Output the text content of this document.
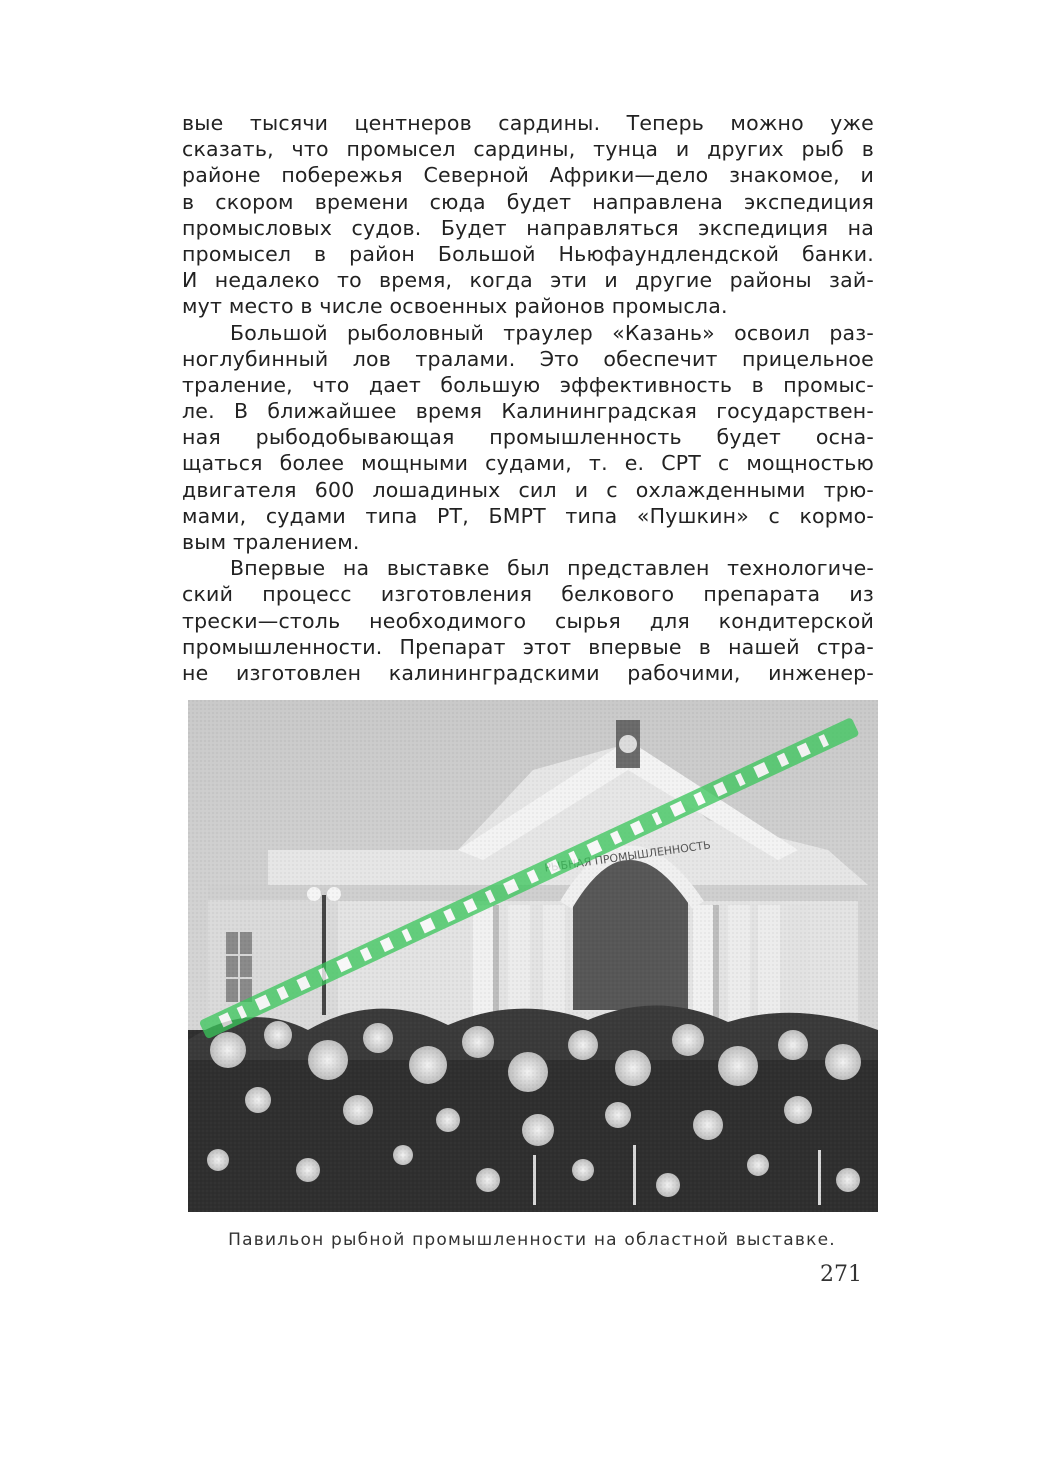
вые тысячи центнеров сардины. Теперь можно уже
сказать, что промысел сардины, тунца и других рыб в
районе побережья Северной Африки—дело знакомое, и
в скором времени сюда будет направлена экспедиция
промысловых судов. Будет направляться экспедиция на
промысел в район Большой Ньюфаундлендской банки.
И недалеко то время, когда эти и другие районы зай-
мут место в числе освоенных районов промысла.
Большой рыболовный траулер «Казань» освоил раз-
ноглубинный лов тралами. Это обеспечит прицельное
траление, что дает большую эффективность в промыс-
ле. В ближайшее время Калининградская государствен-
ная рыбодобывающая промышленность будет осна-
щаться более мощными судами, т. е. СРТ с мощностью
двигателя 600 лошадиных сил и с охлажденными трю-
мами, судами типа РТ, БМРТ типа «Пушкин» с кормо-
вым тралением.
Впервые на выставке был представлен технологиче-
ский процесс изготовления белкового препарата из
трески—столь необходимого сырья для кондитерской
промышленности. Препарат этот впервые в нашей стра-
не изготовлен калининградскими рабочими, инженер-
Павильон рыбной промышленности на областной выставке.
271
